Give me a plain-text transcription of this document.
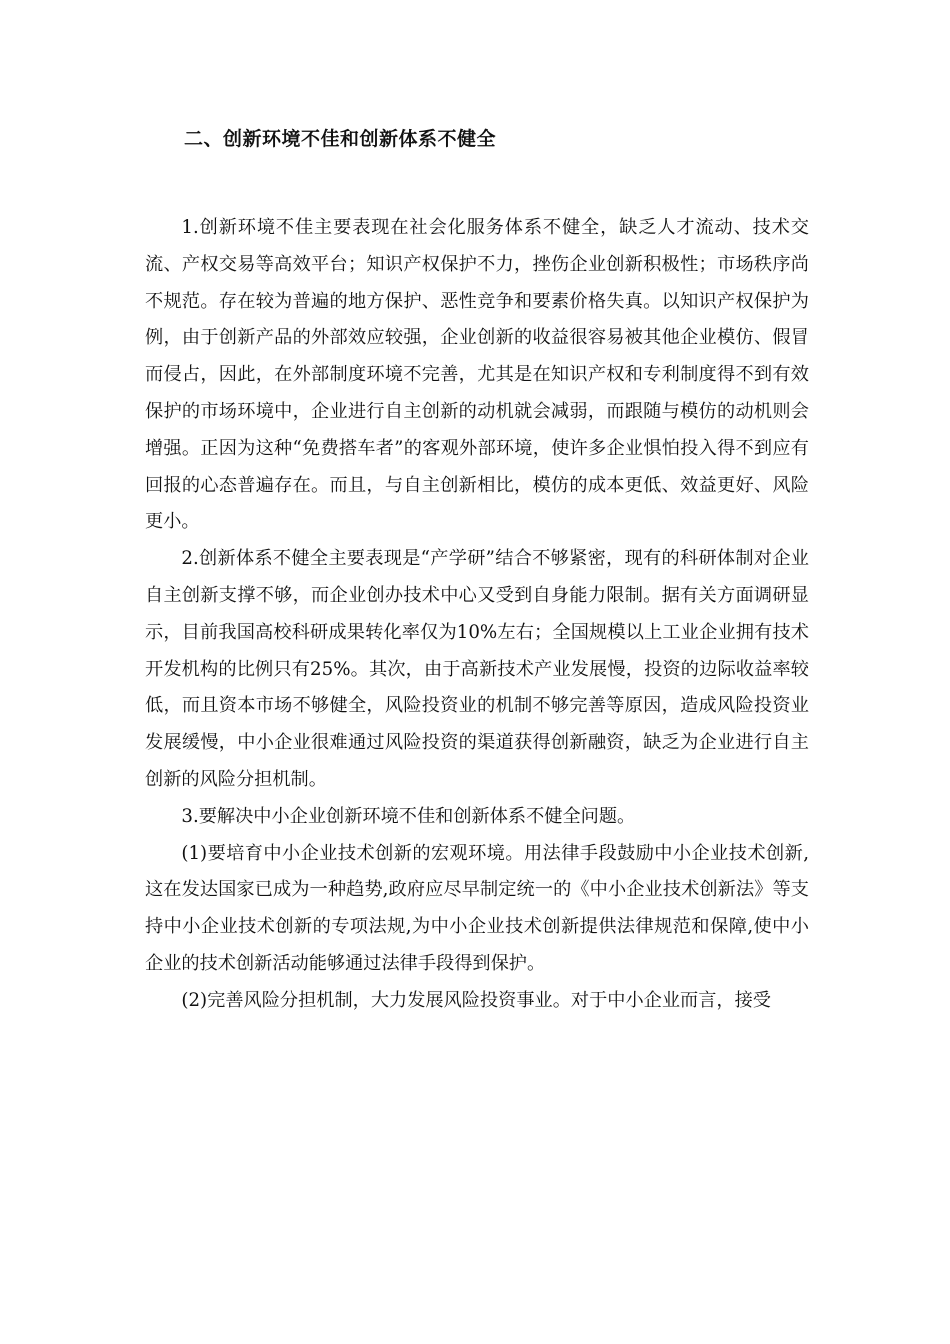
二、创新环境不佳和创新体系不健全

1.创新环境不佳主要表现在社会化服务体系不健全，缺乏人才流动、技术交流、产权交易等高效平台；知识产权保护不力，挫伤企业创新积极性；市场秩序尚不规范。存在较为普遍的地方保护、恶性竞争和要素价格失真。以知识产权保护为例，由于创新产品的外部效应较强，企业创新的收益很容易被其他企业模仿、假冒而侵占，因此，在外部制度环境不完善，尤其是在知识产权和专利制度得不到有效保护的市场环境中，企业进行自主创新的动机就会减弱，而跟随与模仿的动机则会增强。正因为这种“免费搭车者”的客观外部环境，使许多企业惧怕投入得不到应有回报的心态普遍存在。而且，与自主创新相比，模仿的成本更低、效益更好、风险更小。

2.创新体系不健全主要表现是“产学研”结合不够紧密，现有的科研体制对企业自主创新支撑不够，而企业创办技术中心又受到自身能力限制。据有关方面调研显示，目前我国高校科研成果转化率仅为10%左右；全国规模以上工业企业拥有技术开发机构的比例只有25%。其次，由于高新技术产业发展慢，投资的边际收益率较低，而且资本市场不够健全，风险投资业的机制不够完善等原因，造成风险投资业发展缓慢，中小企业很难通过风险投资的渠道获得创新融资，缺乏为企业进行自主创新的风险分担机制。

3.要解决中小企业创新环境不佳和创新体系不健全问题。

(1)要培育中小企业技术创新的宏观环境。用法律手段鼓励中小企业技术创新,这在发达国家已成为一种趋势,政府应尽早制定统一的《中小企业技术创新法》等支持中小企业技术创新的专项法规,为中小企业技术创新提供法律规范和保障,使中小企业的技术创新活动能够通过法律手段得到保护。

(2)完善风险分担机制，大力发展风险投资事业。对于中小企业而言，接受
